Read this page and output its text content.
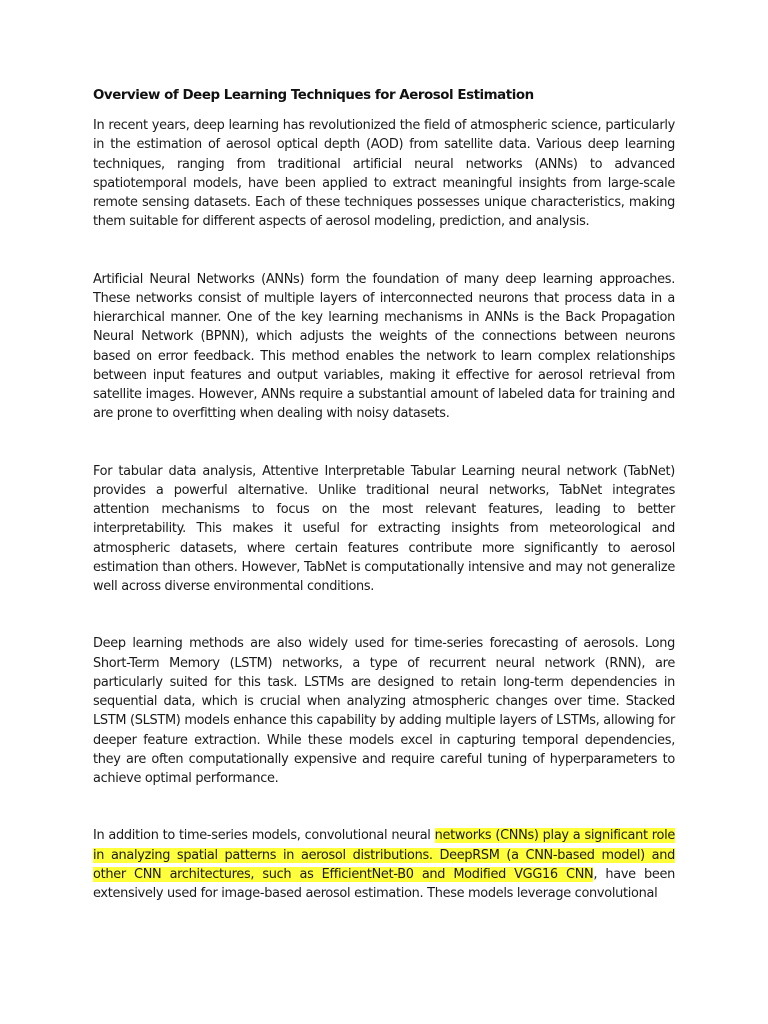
Overview of Deep Learning Techniques for Aerosol Estimation

In recent years, deep learning has revolutionized the field of atmospheric science, particularly in the estimation of aerosol optical depth (AOD) from satellite data. Various deep learning techniques, ranging from traditional artificial neural networks (ANNs) to advanced spatiotemporal models, have been applied to extract meaningful insights from large-scale remote sensing datasets. Each of these techniques possesses unique characteristics, making them suitable for different aspects of aerosol modeling, prediction, and analysis.

Artificial Neural Networks (ANNs) form the foundation of many deep learning approaches. These networks consist of multiple layers of interconnected neurons that process data in a hierarchical manner. One of the key learning mechanisms in ANNs is the Back Propagation Neural Network (BPNN), which adjusts the weights of the connections between neurons based on error feedback. This method enables the network to learn complex relationships between input features and output variables, making it effective for aerosol retrieval from satellite images. However, ANNs require a substantial amount of labeled data for training and are prone to overfitting when dealing with noisy datasets.

For tabular data analysis, Attentive Interpretable Tabular Learning neural network (TabNet) provides a powerful alternative. Unlike traditional neural networks, TabNet integrates attention mechanisms to focus on the most relevant features, leading to better interpretability. This makes it useful for extracting insights from meteorological and atmospheric datasets, where certain features contribute more significantly to aerosol estimation than others. However, TabNet is computationally intensive and may not generalize well across diverse environmental conditions.

Deep learning methods are also widely used for time-series forecasting of aerosols. Long Short-Term Memory (LSTM) networks, a type of recurrent neural network (RNN), are particularly suited for this task. LSTMs are designed to retain long-term dependencies in sequential data, which is crucial when analyzing atmospheric changes over time. Stacked LSTM (SLSTM) models enhance this capability by adding multiple layers of LSTMs, allowing for deeper feature extraction. While these models excel in capturing temporal dependencies, they are often computationally expensive and require careful tuning of hyperparameters to achieve optimal performance.

In addition to time-series models, convolutional neural networks (CNNs) play a significant role in analyzing spatial patterns in aerosol distributions. DeepRSM (a CNN-based model) and other CNN architectures, such as EfficientNet-B0 and Modified VGG16 CNN, have been extensively used for image-based aerosol estimation. These models leverage convolutional
